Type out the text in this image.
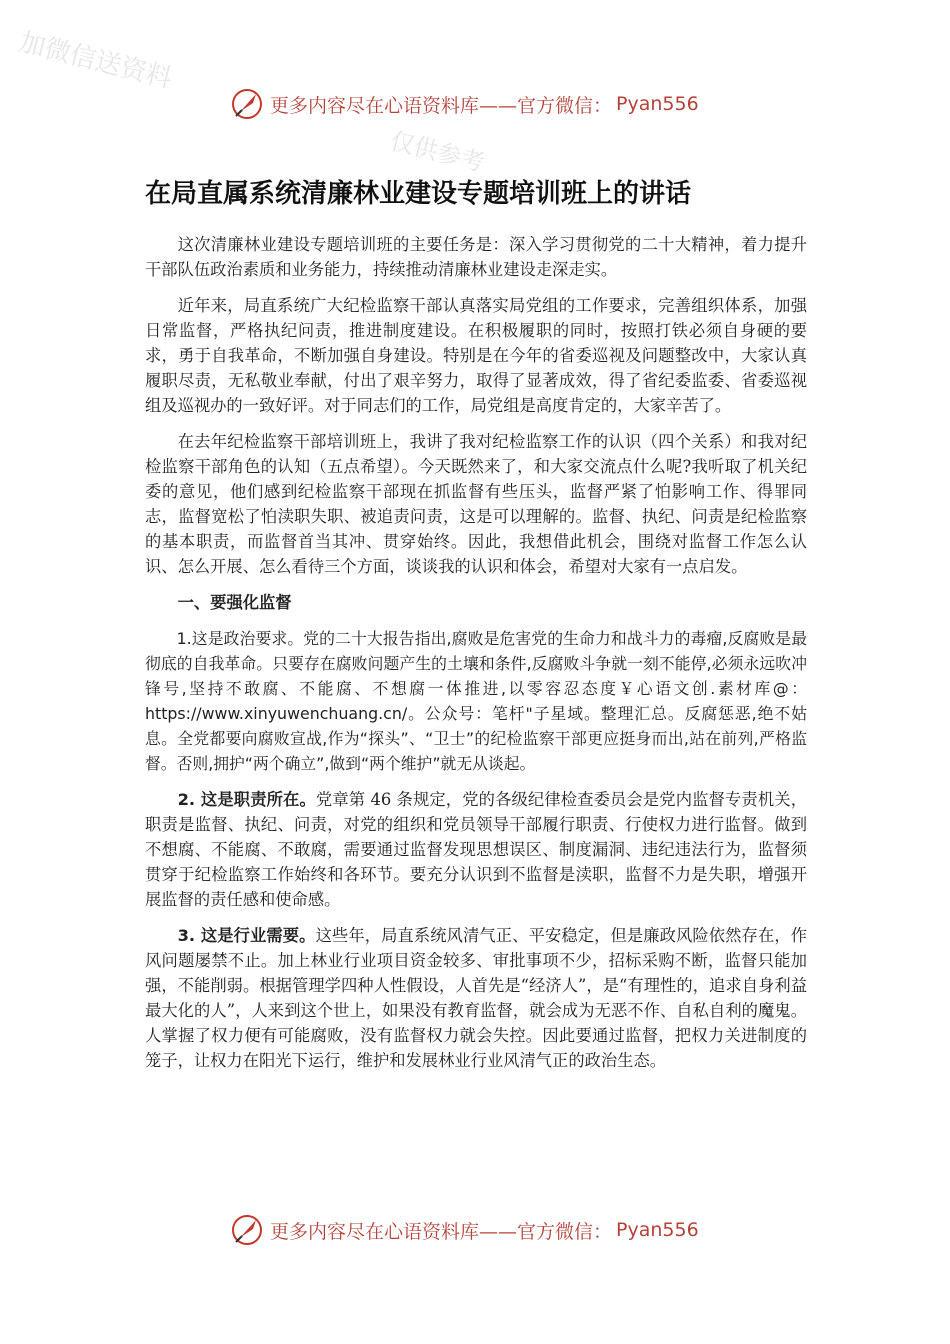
加微信送资料
仅供参考
更多内容尽在心语资料库——官方微信： Pyan556
在局直属系统清廉林业建设专题培训班上的讲话

这次清廉林业建设专题培训班的主要任务是：深入学习贯彻党的二十大精神，着力提升干部队伍政治素质和业务能力，持续推动清廉林业建设走深走实。

近年来，局直系统广大纪检监察干部认真落实局党组的工作要求，完善组织体系，加强日常监督，严格执纪问责，推进制度建设。在积极履职的同时，按照打铁必须自身硬的要求，勇于自我革命，不断加强自身建设。特别是在今年的省委巡视及问题整改中，大家认真履职尽责，无私敬业奉献，付出了艰辛努力，取得了显著成效，得了省纪委监委、省委巡视组及巡视办的一致好评。对于同志们的工作，局党组是高度肯定的，大家辛苦了。

在去年纪检监察干部培训班上，我讲了我对纪检监察工作的认识（四个关系）和我对纪检监察干部角色的认知（五点希望）。今天既然来了，和大家交流点什么呢?我听取了机关纪委的意见，他们感到纪检监察干部现在抓监督有些压头，监督严紧了怕影响工作、得罪同志，监督宽松了怕渎职失职、被追责问责，这是可以理解的。监督、执纪、问责是纪检监察的基本职责，而监督首当其冲、贯穿始终。因此，我想借此机会，围绕对监督工作怎么认识、怎么开展、怎么看待三个方面，谈谈我的认识和体会，希望对大家有一点启发。

一、要强化监督

1.这是政治要求。党的二十大报告指出,腐败是危害党的生命力和战斗力的毒瘤,反腐败是最彻底的自我革命。只要存在腐败问题产生的土壤和条件,反腐败斗争就一刻不能停,必须永远吹冲锋号,坚持不敢腐、不能腐、不想腐一体推进,以零容忍态度￥心语文创.素材库@：https://www.xinyuwenchuang.cn/。公众号：笔杆"子星域。整理汇总。反腐惩恶,绝不姑息。全党都要向腐败宣战,作为“探头”、“卫士”的纪检监察干部更应挺身而出,站在前列,严格监督。否则,拥护“两个确立”,做到“两个维护”就无从谈起。

2. 这是职责所在。党章第 46 条规定，党的各级纪律检查委员会是党内监督专责机关，职责是监督、执纪、问责，对党的组织和党员领导干部履行职责、行使权力进行监督。做到不想腐、不能腐、不敢腐，需要通过监督发现思想误区、制度漏洞、违纪违法行为，监督须贯穿于纪检监察工作始终和各环节。要充分认识到不监督是渎职，监督不力是失职，增强开展监督的责任感和使命感。

3. 这是行业需要。这些年，局直系统风清气正、平安稳定，但是廉政风险依然存在，作风问题屡禁不止。加上林业行业项目资金较多、审批事项不少，招标采购不断，监督只能加强，不能削弱。根据管理学四种人性假设，人首先是“经济人”，是“有理性的，追求自身利益最大化的人”，人来到这个世上，如果没有教育监督，就会成为无恶不作、自私自利的魔鬼。人掌握了权力便有可能腐败，没有监督权力就会失控。因此要通过监督，把权力关进制度的笼子，让权力在阳光下运行，维护和发展林业行业风清气正的政治生态。

更多内容尽在心语资料库——官方微信： Pyan556
